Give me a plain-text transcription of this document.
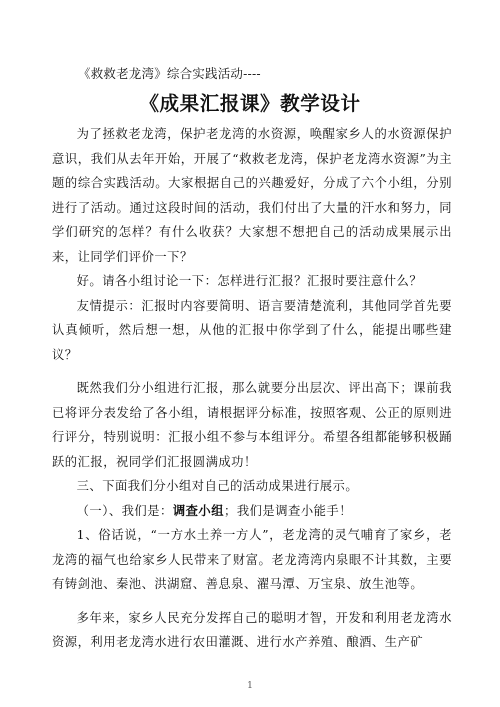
《救救老龙湾》综合实践活动----
《成果汇报课》教学设计

为了拯救老龙湾，保护老龙湾的水资源，唤醒家乡人的水资源保护意识，我们从去年开始，开展了“救救老龙湾，保护老龙湾水资源”为主题的综合实践活动。大家根据自己的兴趣爱好，分成了六个小组，分别进行了活动。通过这段时间的活动，我们付出了大量的汗水和努力，同学们研究的怎样？有什么收获？大家想不想把自己的活动成果展示出来，让同学们评价一下？

好。请各小组讨论一下：怎样进行汇报？汇报时要注意什么？

友情提示：汇报时内容要简明、语言要清楚流利，其他同学首先要认真倾听，然后想一想，从他的汇报中你学到了什么，能提出哪些建议？

既然我们分小组进行汇报，那么就要分出层次、评出高下；课前我已将评分表发给了各小组，请根据评分标准，按照客观、公正的原则进行评分，特别说明：汇报小组不参与本组评分。希望各组都能够积极踊跃的汇报，祝同学们汇报圆满成功！

三、下面我们分小组对自己的活动成果进行展示。

（一）、我们是：调查小组；我们是调查小能手！

1、俗话说，“一方水土养一方人”，老龙湾的灵气哺育了家乡，老龙湾的福气也给家乡人民带来了财富。老龙湾湾内泉眼不计其数，主要有铸剑池、秦池、洪湖窟、善息泉、濯马潭、万宝泉、放生池等。

多年来，家乡人民充分发挥自己的聪明才智，开发和利用老龙湾水资源，利用老龙湾水进行农田灌溉、进行水产养殖、酿酒、生产矿

1
